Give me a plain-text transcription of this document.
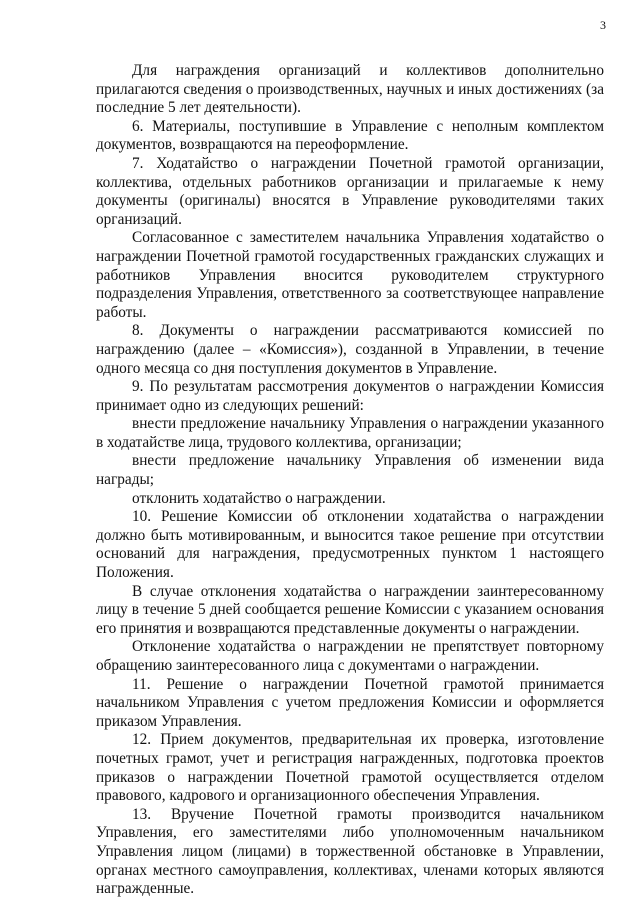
3

Для награждения организаций и коллективов дополнительно прилагаются сведения о производственных, научных и иных достижениях (за последние 5 лет деятельности).

6. Материалы, поступившие в Управление с неполным комплектом документов, возвращаются на переоформление.

7. Ходатайство о награждении Почетной грамотой организации, коллектива, отдельных работников организации и прилагаемые к нему документы (оригиналы) вносятся в Управление руководителями таких организаций.

Согласованное с заместителем начальника Управления ходатайство о награждении Почетной грамотой государственных гражданских служащих и работников Управления вносится руководителем структурного подразделения Управления, ответственного за соответствующее направление работы.

8. Документы о награждении рассматриваются комиссией по награждению (далее – «Комиссия»), созданной в Управлении, в течение одного месяца со дня поступления документов в Управление.

9. По результатам рассмотрения документов о награждении Комиссия принимает одно из следующих решений:

внести предложение начальнику Управления о награждении указанного в ходатайстве лица, трудового коллектива, организации;

внести предложение начальнику Управления об изменении вида награды;

отклонить ходатайство о награждении.

10. Решение Комиссии об отклонении ходатайства о награждении должно быть мотивированным, и выносится такое решение при отсутствии оснований для награждения, предусмотренных пунктом 1 настоящего Положения.

В случае отклонения ходатайства о награждении заинтересованному лицу в течение 5 дней сообщается решение Комиссии с указанием основания его принятия и возвращаются представленные документы о награждении.

Отклонение ходатайства о награждении не препятствует повторному обращению заинтересованного лица с документами о награждении.

11. Решение о награждении Почетной грамотой принимается начальником Управления с учетом предложения Комиссии и оформляется приказом Управления.

12. Прием документов, предварительная их проверка, изготовление почетных грамот, учет и регистрация награжденных, подготовка проектов приказов о награждении Почетной грамотой осуществляется отделом правового, кадрового и организационного обеспечения Управления.

13. Вручение Почетной грамоты производится начальником Управления, его заместителями либо уполномоченным начальником Управления лицом (лицами) в торжественной обстановке в Управлении, органах местного самоуправления, коллективах, членами которых являются награжденные.
